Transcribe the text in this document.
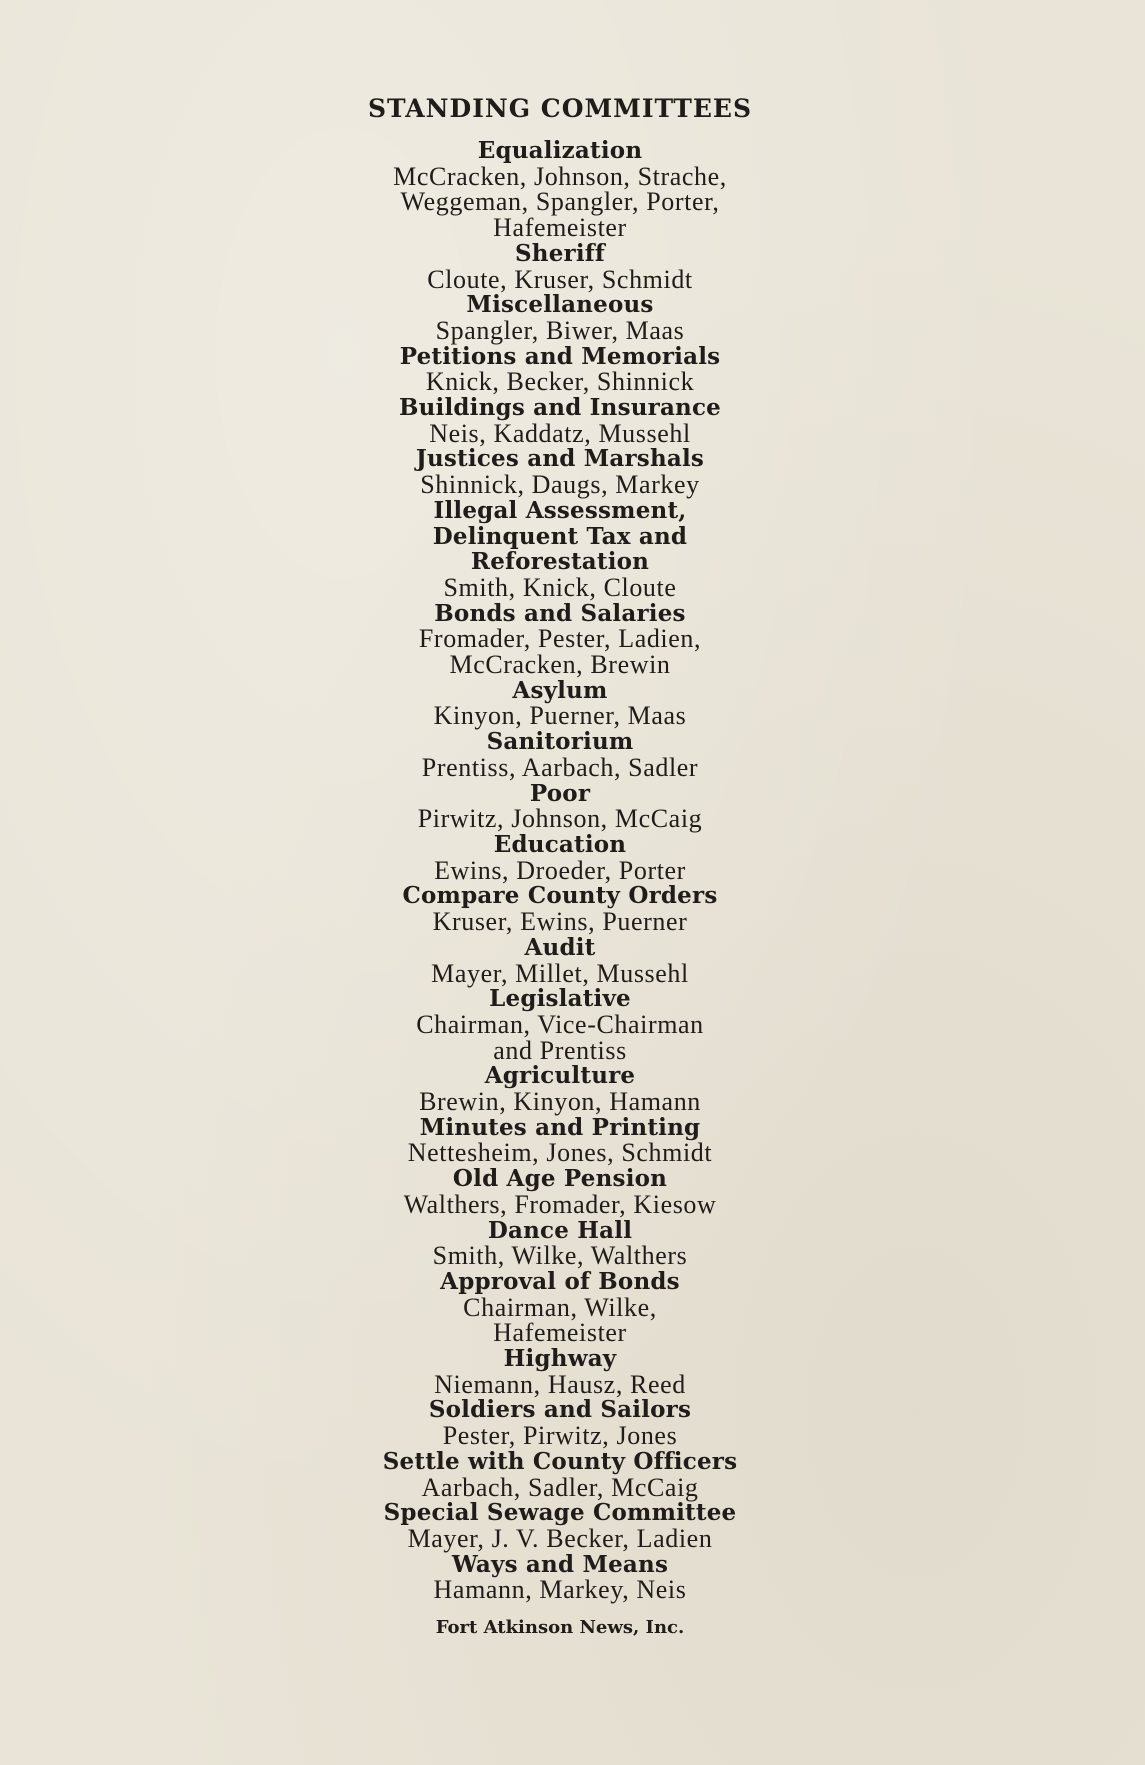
STANDING COMMITTEES
Equalization
McCracken, Johnson, Strache,
Weggeman, Spangler, Porter,
Hafemeister
Sheriff
Cloute, Kruser, Schmidt
Miscellaneous
Spangler, Biwer, Maas
Petitions and Memorials
Knick, Becker, Shinnick
Buildings and Insurance
Neis, Kaddatz, Mussehl
Justices and Marshals
Shinnick, Daugs, Markey
Illegal Assessment,
Delinquent Tax and
Reforestation
Smith, Knick, Cloute
Bonds and Salaries
Fromader, Pester, Ladien,
McCracken, Brewin
Asylum
Kinyon, Puerner, Maas
Sanitorium
Prentiss, Aarbach, Sadler
Poor
Pirwitz, Johnson, McCaig
Education
Ewins, Droeder, Porter
Compare County Orders
Kruser, Ewins, Puerner
Audit
Mayer, Millet, Mussehl
Legislative
Chairman, Vice-Chairman
and Prentiss
Agriculture
Brewin, Kinyon, Hamann
Minutes and Printing
Nettesheim, Jones, Schmidt
Old Age Pension
Walthers, Fromader, Kiesow
Dance Hall
Smith, Wilke, Walthers
Approval of Bonds
Chairman, Wilke,
Hafemeister
Highway
Niemann, Hausz, Reed
Soldiers and Sailors
Pester, Pirwitz, Jones
Settle with County Officers
Aarbach, Sadler, McCaig
Special Sewage Committee
Mayer, J. V. Becker, Ladien
Ways and Means
Hamann, Markey, Neis
Fort Atkinson News, Inc.
